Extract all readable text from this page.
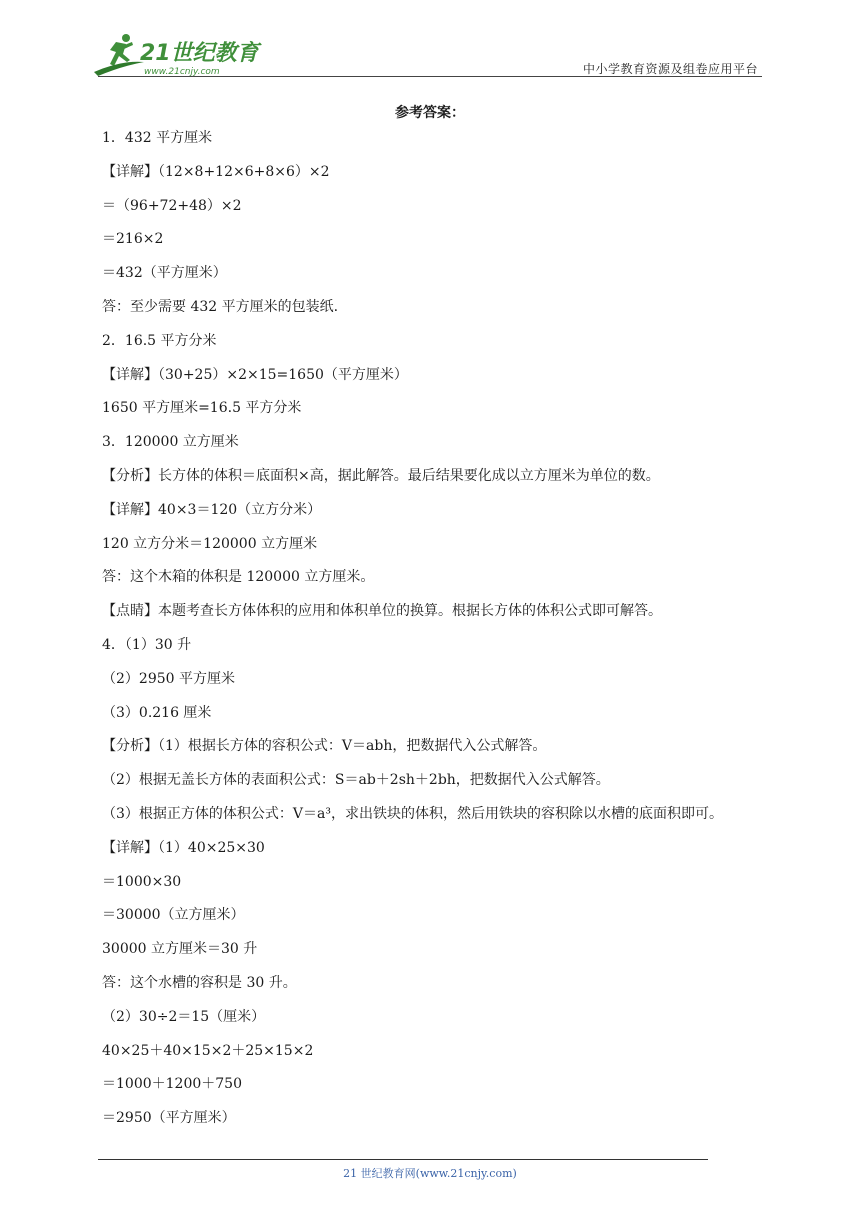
21世纪教育
www.21cnjy.com	中小学教育资源及组卷应用平台
参考答案：
1．432 平方厘米
【详解】（12×8+12×6+8×6）×2
＝（96+72+48）×2
＝216×2
＝432（平方厘米）
答：至少需要 432 平方厘米的包装纸.
2．16.5 平方分米
【详解】（30+25）×2×15=1650（平方厘米）
1650 平方厘米=16.5 平方分米
3．120000 立方厘米
【分析】长方体的体积＝底面积×高，据此解答。最后结果要化成以立方厘米为单位的数。
【详解】40×3＝120（立方分米）
120 立方分米＝120000 立方厘米
答：这个木箱的体积是 120000 立方厘米。
【点睛】本题考查长方体体积的应用和体积单位的换算。根据长方体的体积公式即可解答。
4．（1）30 升
（2）2950 平方厘米
（3）0.216 厘米
【分析】（1）根据长方体的容积公式：V＝abh，把数据代入公式解答。
（2）根据无盖长方体的表面积公式：S＝ab＋2sh＋2bh，把数据代入公式解答。
（3）根据正方体的体积公式：V＝a³，求出铁块的体积，然后用铁块的容积除以水槽的底面积即可。
【详解】（1）40×25×30
＝1000×30
＝30000（立方厘米）
30000 立方厘米＝30 升
答：这个水槽的容积是 30 升。
（2）30÷2＝15（厘米）
40×25＋40×15×2＋25×15×2
＝1000＋1200＋750
＝2950（平方厘米）
21 世纪教育网(www.21cnjy.com)
